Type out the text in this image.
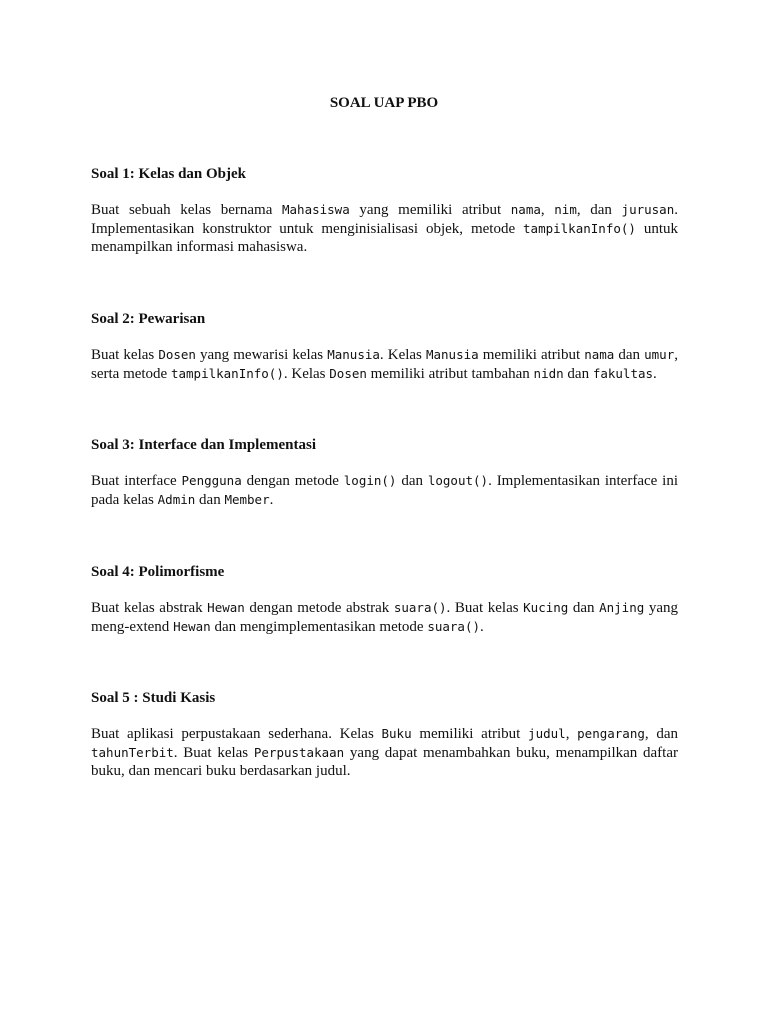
SOAL UAP PBO
Soal 1: Kelas dan Objek

Buat sebuah kelas bernama Mahasiswa yang memiliki atribut nama, nim, dan jurusan. Implementasikan konstruktor untuk menginisialisasi objek, metode tampilkanInfo() untuk menampilkan informasi mahasiswa.

Soal 2: Pewarisan

Buat kelas Dosen yang mewarisi kelas Manusia. Kelas Manusia memiliki atribut nama dan umur, serta metode tampilkanInfo(). Kelas Dosen memiliki atribut tambahan nidn dan fakultas.

Soal 3: Interface dan Implementasi

Buat interface Pengguna dengan metode login() dan logout(). Implementasikan interface ini pada kelas Admin dan Member.

Soal 4: Polimorfisme

Buat kelas abstrak Hewan dengan metode abstrak suara(). Buat kelas Kucing dan Anjing yang meng-extend Hewan dan mengimplementasikan metode suara().

Soal 5 : Studi Kasis

Buat aplikasi perpustakaan sederhana. Kelas Buku memiliki atribut judul, pengarang, dan tahunTerbit. Buat kelas Perpustakaan yang dapat menambahkan buku, menampilkan daftar buku, dan mencari buku berdasarkan judul.
